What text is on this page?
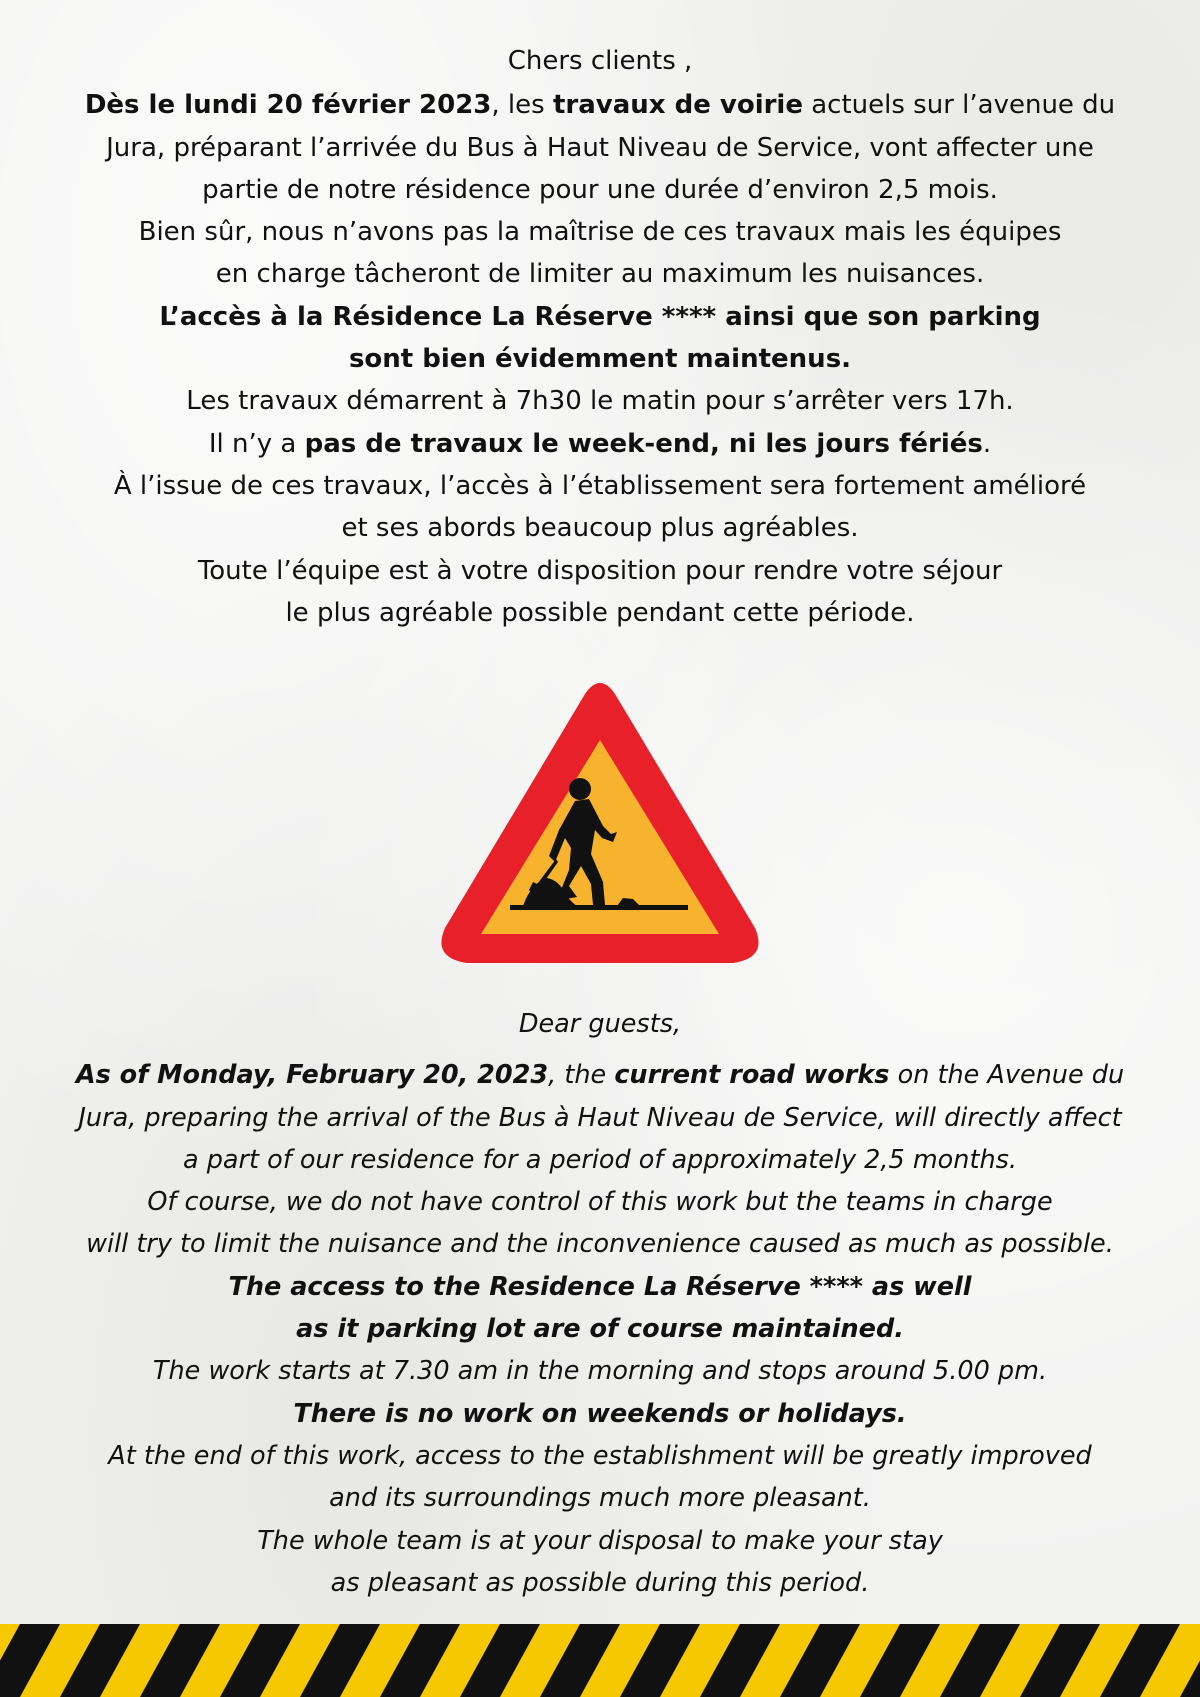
Chers clients ,
Dès le lundi 20 février 2023, les travaux de voirie actuels sur l’avenue du
Jura, préparant l’arrivée du Bus à Haut Niveau de Service, vont affecter une
partie de notre résidence pour une durée d’environ 2,5 mois.
Bien sûr, nous n’avons pas la maîtrise de ces travaux mais les équipes
en charge tâcheront de limiter au maximum les nuisances.
L’accès à la Résidence La Réserve **** ainsi que son parking
sont bien évidemment maintenus.
Les travaux démarrent à 7h30 le matin pour s’arrêter vers 17h.
Il n’y a pas de travaux le week-end, ni les jours fériés.
À l’issue de ces travaux, l’accès à l’établissement sera fortement amélioré
et ses abords beaucoup plus agréables.
Toute l’équipe est à votre disposition pour rendre votre séjour
le plus agréable possible pendant cette période.
Dear guests,
As of Monday, February 20, 2023, the current road works on the Avenue du
Jura, preparing the arrival of the Bus à Haut Niveau de Service, will directly affect
a part of our residence for a period of approximately 2,5 months.
Of course, we do not have control of this work but the teams in charge
will try to limit the nuisance and the inconvenience caused as much as possible.
The access to the Residence La Réserve **** as well
as it parking lot are of course maintained.
The work starts at 7.30 am in the morning and stops around 5.00 pm.
There is no work on weekends or holidays.
At the end of this work, access to the establishment will be greatly improved
and its surroundings much more pleasant.
The whole team is at your disposal to make your stay
as pleasant as possible during this period.
